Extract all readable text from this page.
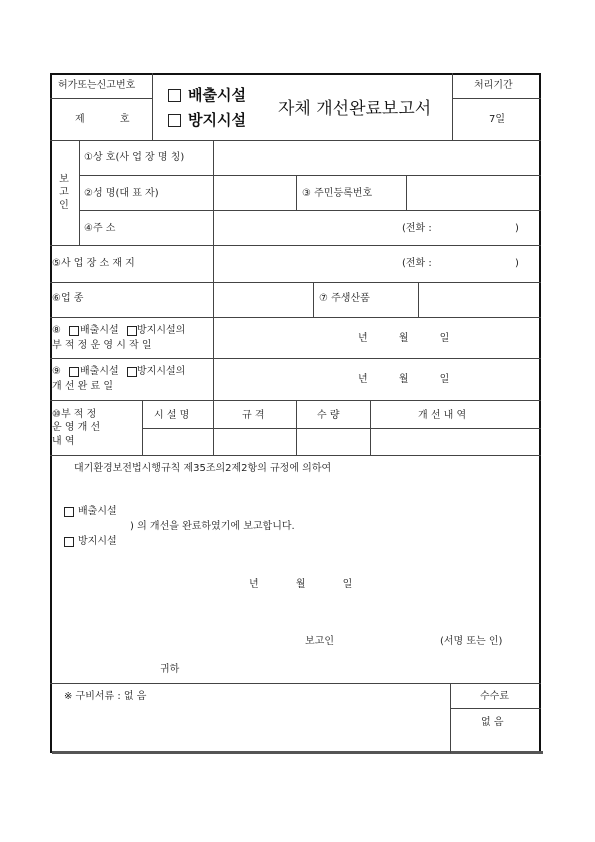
허가또는신고번호
제 호
배출시설
방지시설
자체 개선완료보고서
처리기간
7일
보고인
①상 호(사 업 장 명 칭)
②성 명(대 표 자)	③ 주민등록번호
④주 소	(전화 :	)
⑤사 업 장 소 재 지	(전화 :	)
⑥업 종	⑦ 주생산품
⑧ 배출시설 방지시설의
부 적 정 운 영 시 작 일
년 월 일
⑨ 배출시설 방지시설의
개 선 완 료 일
년 월 일
⑩부 적 정
운 영 개 선
내 역
시 설 명	규 격	수 량	개 선 내 역
대기환경보전법시행규칙 제35조의2제2항의 규정에 의하여
배출시설
) 의 개선을 완료하였기에 보고합니다.
방지시설
년 월 일
보고인	(서명 또는 인)
귀하
※ 구비서류 : 없 음	수수료
없 음
